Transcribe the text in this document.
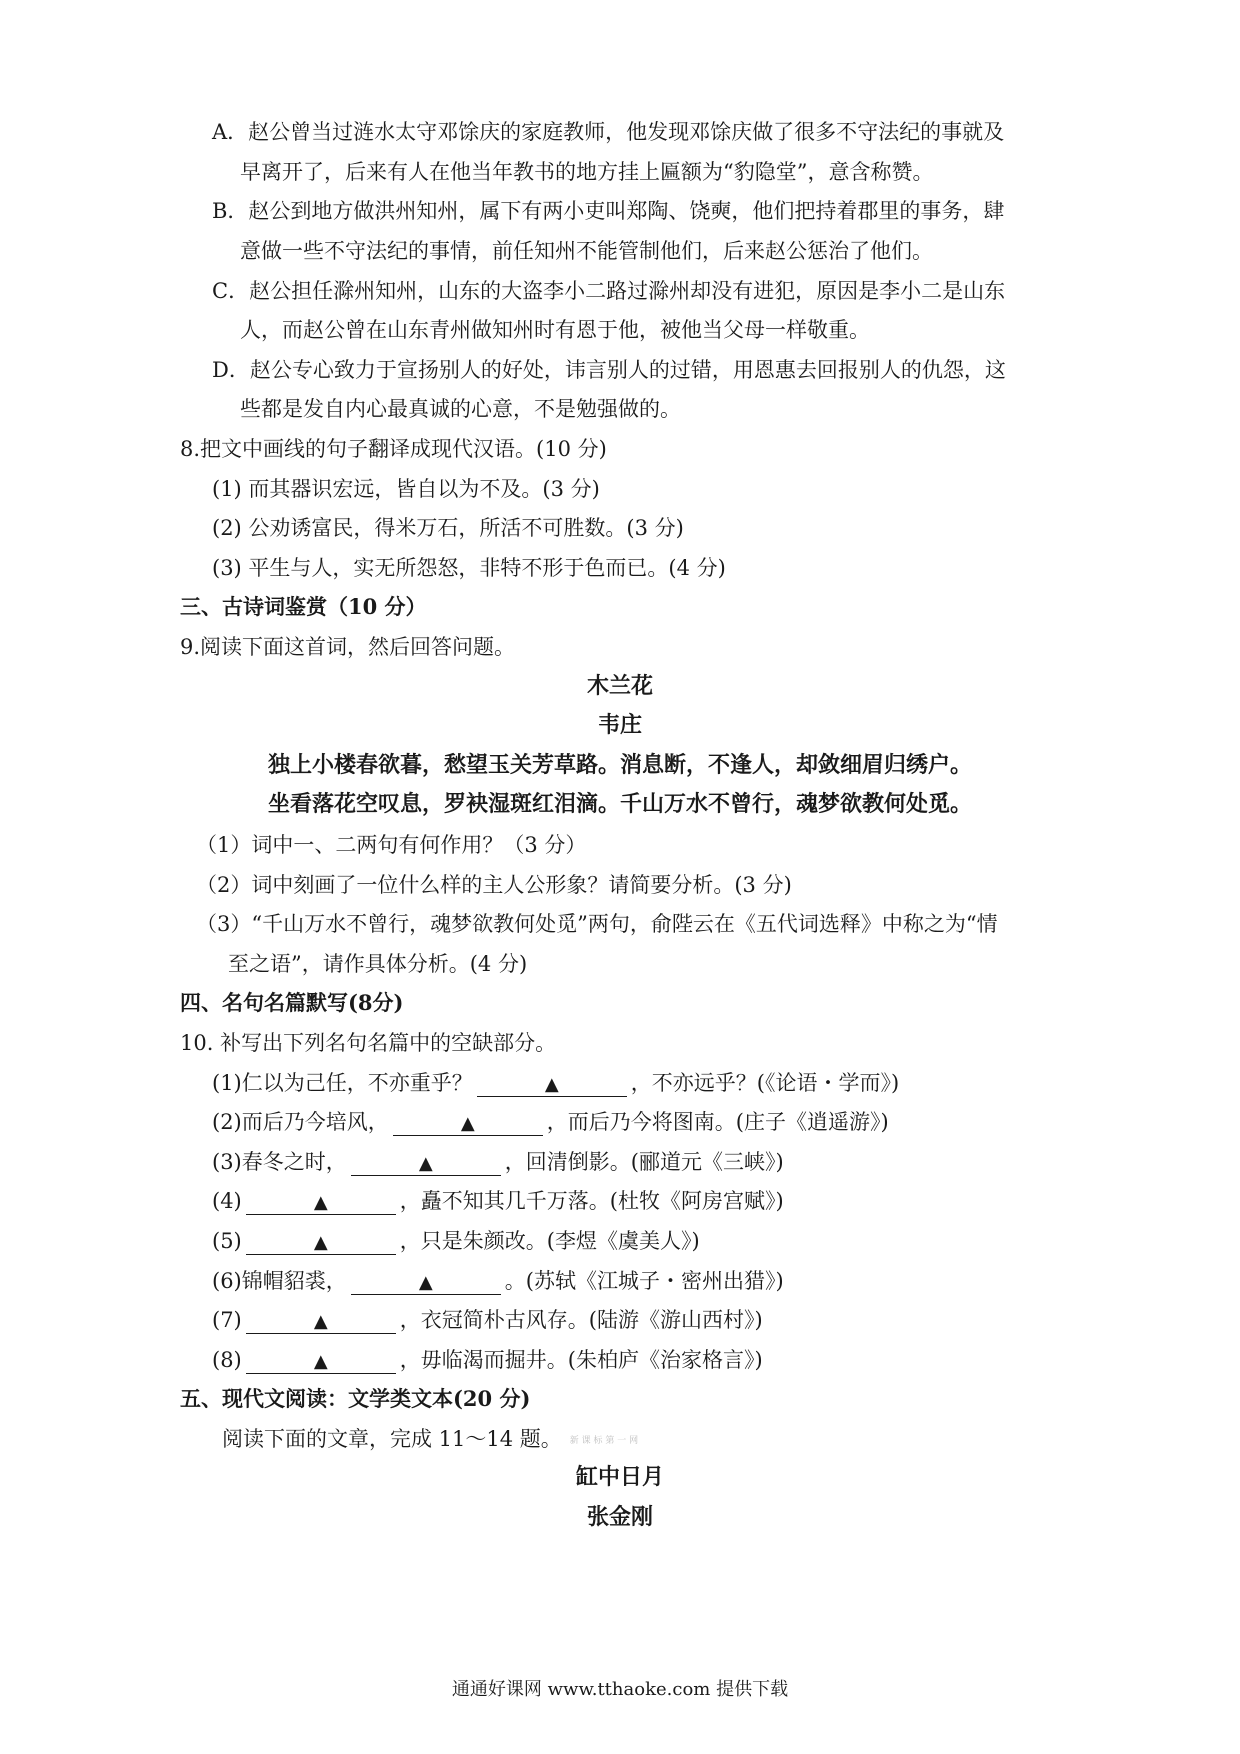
A．赵公曾当过涟水太守邓馀庆的家庭教师，他发现邓馀庆做了很多不守法纪的事就及
早离开了，后来有人在他当年教书的地方挂上匾额为“豹隐堂”，意含称赞。
B．赵公到地方做洪州知州，属下有两小吏叫郑陶、饶奭，他们把持着郡里的事务，肆
意做一些不守法纪的事情，前任知州不能管制他们，后来赵公惩治了他们。
C．赵公担任滁州知州，山东的大盗李小二路过滁州却没有进犯，原因是李小二是山东
人，而赵公曾在山东青州做知州时有恩于他，被他当父母一样敬重。
D．赵公专心致力于宣扬别人的好处，讳言别人的过错，用恩惠去回报别人的仇怨，这
些都是发自内心最真诚的心意，不是勉强做的。
8.把文中画线的句子翻译成现代汉语。(10 分)
(1) 而其器识宏远，皆自以为不及。(3 分)
(2) 公劝诱富民，得米万石，所活不可胜数。(3 分)
(3) 平生与人，实无所怨怒，非特不形于色而已。(4 分)
三、古诗词鉴赏（10 分）
9.阅读下面这首词，然后回答问题。
木兰花
韦庄
独上小楼春欲暮，愁望玉关芳草路。消息断，不逢人，却敛细眉归绣户。
坐看落花空叹息，罗袂湿斑红泪滴。千山万水不曾行，魂梦欲教何处觅。
（1）词中一、二两句有何作用？（3 分）
（2）词中刻画了一位什么样的主人公形象？请简要分析。(3 分)
（3）“千山万水不曾行，魂梦欲教何处觅”两句，俞陛云在《五代词选释》中称之为“情
至之语”，请作具体分析。(4 分)
四、名句名篇默写(8分)
10. 补写出下列名句名篇中的空缺部分。
(1)仁以为己任，不亦重乎？	▲	，不亦远乎？(《论语・学而》)
(2)而后乃今培风，	▲	，而后乃今将图南。(庄子《逍遥游》)
(3)春冬之时，	▲	，回清倒影。(郦道元《三峡》)
(4)	▲	，矗不知其几千万落。(杜牧《阿房宫赋》)
(5)	▲	，只是朱颜改。(李煜《虞美人》)
(6)锦帽貂裘，	▲	。(苏轼《江城子・密州出猎》)
(7)	▲	，衣冠简朴古风存。(陆游《游山西村》)
(8)	▲	，毋临渴而掘井。(朱柏庐《治家格言》)
五、现代文阅读：文学类文本(20 分)
阅读下面的文章，完成 11～14 题。 新 课 标 第 一 网
缸中日月
张金刚
通通好课网 www.tthaoke.com 提供下载
